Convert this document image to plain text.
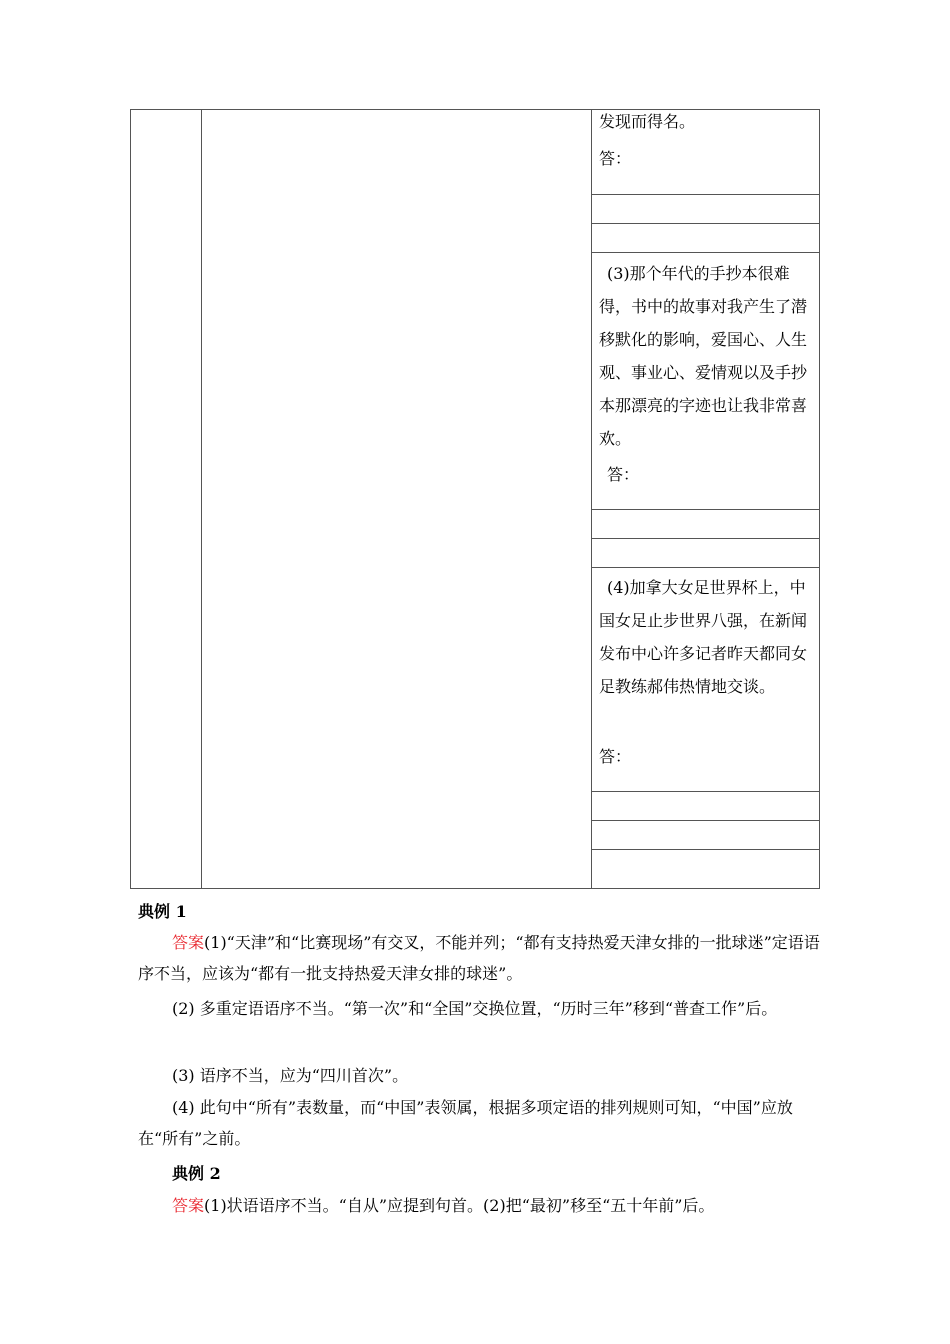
发现而得名。
答：
(3)那个年代的手抄本很难得，书中的故事对我产生了潜移默化的影响，爱国心、人生观、事业心、爱情观以及手抄本那漂亮的字迹也让我非常喜欢。
答：
(4)加拿大女足世界杯上，中国女足止步世界八强，在新闻发布中心许多记者昨天都同女足教练郝伟热情地交谈。
答：
典例 1
答案(1)“天津”和“比赛现场”有交叉，不能并列；“都有支持热爱天津女排的一批球迷”定语语序不当，应该为“都有一批支持热爱天津女排的球迷”。
(2) 多重定语语序不当。“第一次”和“全国”交换位置，“历时三年”移到“普查工作”后。
(3) 语序不当，应为“四川首次”。
(4) 此句中“所有”表数量，而“中国”表领属，根据多项定语的排列规则可知，“中国”应放在“所有”之前。
典例 2
答案(1)状语语序不当。“自从”应提到句首。(2)把“最初”移至“五十年前”后。
